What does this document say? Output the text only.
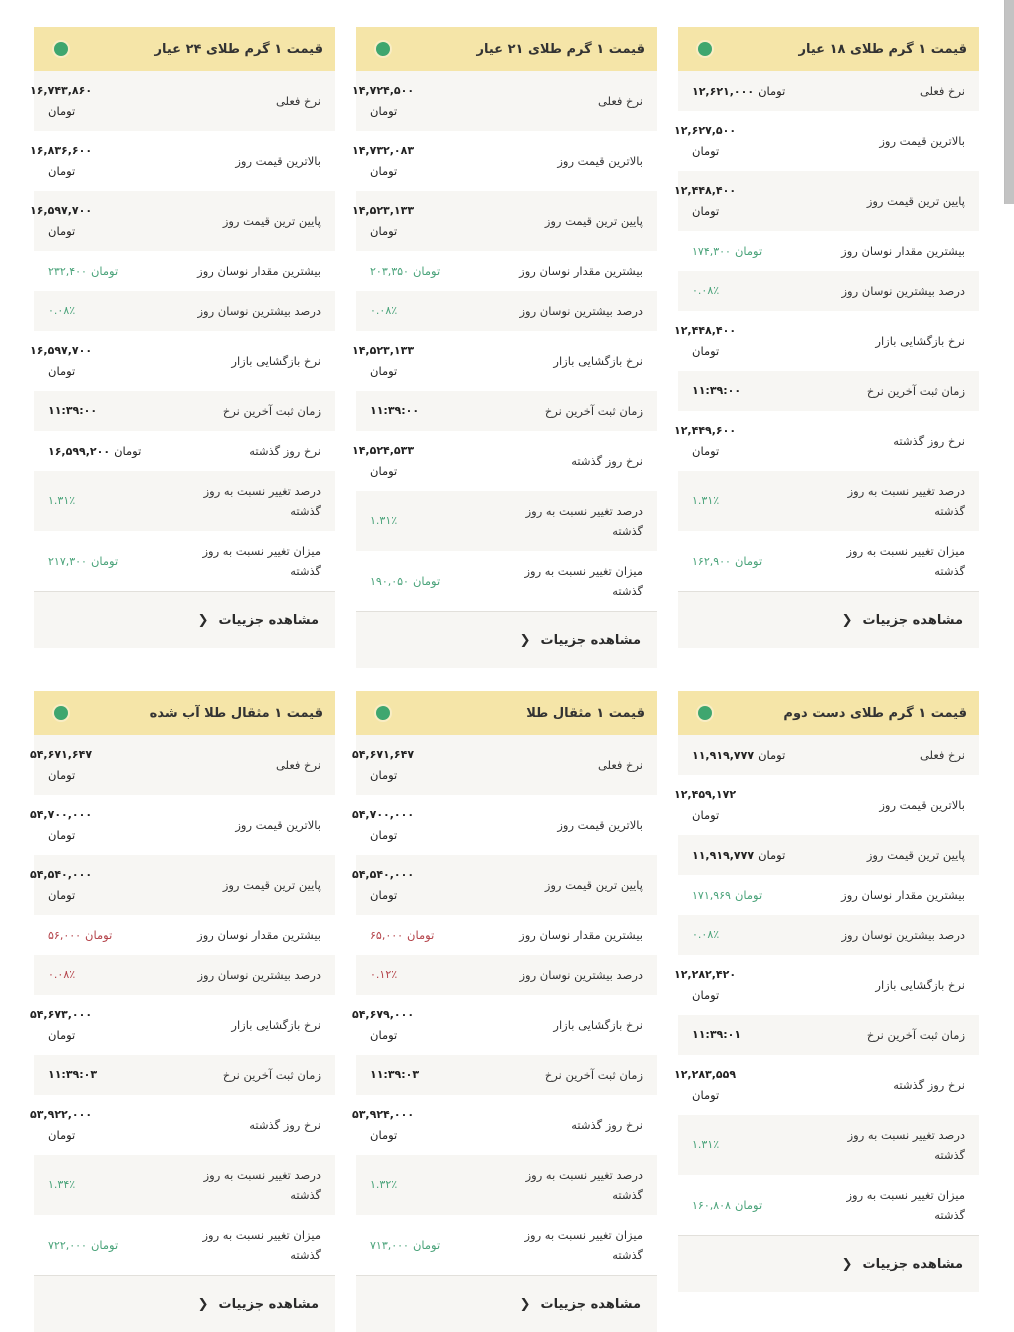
قیمت ۱ گرم طلای ۱۸ عیار
نرخ فعلی
۱۲,۶۲۱,۰۰۰ تومان
بالاترین قیمت روز
۱۲,۶۲۷,۵۰۰
تومان
پایین ترین قیمت روز
۱۲,۴۴۸,۴۰۰
تومان
بیشترین مقدار نوسان روز
۱۷۴,۳۰۰ تومان
درصد بیشترین نوسان روز
۰.۰۸٪
نرخ بازگشایی بازار
۱۲,۴۴۸,۴۰۰
تومان
زمان ثبت آخرین نرخ
۱۱:۳۹:۰۰
نرخ روز گذشته
۱۲,۴۴۹,۶۰۰
تومان
درصد تغییر نسبت به روز گذشته
۱.۳۱٪
میزان تغییر نسبت به روز گذشته
۱۶۲,۹۰۰ تومان
مشاهده جزییات
❮
قیمت ۱ گرم طلای ۲۱ عیار
نرخ فعلی
۱۴,۷۲۴,۵۰۰
تومان
بالاترین قیمت روز
۱۴,۷۳۲,۰۸۳
تومان
پایین ترین قیمت روز
۱۴,۵۲۳,۱۳۳
تومان
بیشترین مقدار نوسان روز
۲۰۳,۳۵۰ تومان
درصد بیشترین نوسان روز
۰.۰۸٪
نرخ بازگشایی بازار
۱۴,۵۲۳,۱۳۳
تومان
زمان ثبت آخرین نرخ
۱۱:۳۹:۰۰
نرخ روز گذشته
۱۴,۵۲۴,۵۳۳
تومان
درصد تغییر نسبت به روز گذشته
۱.۳۱٪
میزان تغییر نسبت به روز گذشته
۱۹۰,۰۵۰ تومان
مشاهده جزییات
❮
قیمت ۱ گرم طلای ۲۴ عیار
نرخ فعلی
۱۶,۷۴۳,۸۶۰
تومان
بالاترین قیمت روز
۱۶,۸۳۶,۶۰۰
تومان
پایین ترین قیمت روز
۱۶,۵۹۷,۷۰۰
تومان
بیشترین مقدار نوسان روز
۲۳۲,۴۰۰ تومان
درصد بیشترین نوسان روز
۰.۰۸٪
نرخ بازگشایی بازار
۱۶,۵۹۷,۷۰۰
تومان
زمان ثبت آخرین نرخ
۱۱:۳۹:۰۰
نرخ روز گذشته
۱۶,۵۹۹,۲۰۰ تومان
درصد تغییر نسبت به روز گذشته
۱.۳۱٪
میزان تغییر نسبت به روز گذشته
۲۱۷,۳۰۰ تومان
مشاهده جزییات
❮
قیمت ۱ گرم طلای دست دوم
نرخ فعلی
۱۱,۹۱۹,۷۷۷ تومان
بالاترین قیمت روز
۱۲,۴۵۹,۱۷۲
تومان
پایین ترین قیمت روز
۱۱,۹۱۹,۷۷۷ تومان
بیشترین مقدار نوسان روز
۱۷۱,۹۶۹ تومان
درصد بیشترین نوسان روز
۰.۰۸٪
نرخ بازگشایی بازار
۱۲,۲۸۲,۴۲۰
تومان
زمان ثبت آخرین نرخ
۱۱:۳۹:۰۱
نرخ روز گذشته
۱۲,۲۸۳,۵۵۹
تومان
درصد تغییر نسبت به روز گذشته
۱.۳۱٪
میزان تغییر نسبت به روز گذشته
۱۶۰,۸۰۸ تومان
مشاهده جزییات
❮
قیمت ۱ مثقال طلا
نرخ فعلی
۵۴,۶۷۱,۶۴۷
تومان
بالاترین قیمت روز
۵۴,۷۰۰,۰۰۰
تومان
پایین ترین قیمت روز
۵۴,۵۴۰,۰۰۰
تومان
بیشترین مقدار نوسان روز
۶۵,۰۰۰ تومان
درصد بیشترین نوسان روز
۰.۱۲٪
نرخ بازگشایی بازار
۵۴,۶۷۹,۰۰۰
تومان
زمان ثبت آخرین نرخ
۱۱:۳۹:۰۳
نرخ روز گذشته
۵۳,۹۲۴,۰۰۰
تومان
درصد تغییر نسبت به روز گذشته
۱.۳۲٪
میزان تغییر نسبت به روز گذشته
۷۱۳,۰۰۰ تومان
مشاهده جزییات
❮
قیمت ۱ مثقال طلا آب شده
نرخ فعلی
۵۴,۶۷۱,۶۴۷
تومان
بالاترین قیمت روز
۵۴,۷۰۰,۰۰۰
تومان
پایین ترین قیمت روز
۵۴,۵۴۰,۰۰۰
تومان
بیشترین مقدار نوسان روز
۵۶,۰۰۰ تومان
درصد بیشترین نوسان روز
۰.۰۸٪
نرخ بازگشایی بازار
۵۴,۶۷۳,۰۰۰
تومان
زمان ثبت آخرین نرخ
۱۱:۳۹:۰۳
نرخ روز گذشته
۵۳,۹۲۲,۰۰۰
تومان
درصد تغییر نسبت به روز گذشته
۱.۳۴٪
میزان تغییر نسبت به روز گذشته
۷۲۲,۰۰۰ تومان
مشاهده جزییات
❮
